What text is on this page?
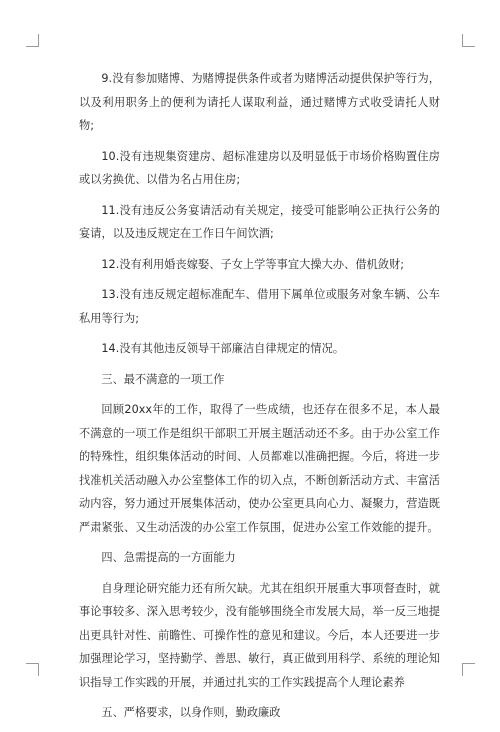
9.没有参加赌博、为赌博提供条件或者为赌博活动提供保护等行为，以及利用职务上的便利为请托人谋取利益，通过赌博方式收受请托人财物;

10.没有违规集资建房、超标准建房以及明显低于市场价格购置住房或以劣换优、以借为名占用住房;

11.没有违反公务宴请活动有关规定，接受可能影响公正执行公务的宴请，以及违反规定在工作日午间饮酒;

12.没有利用婚丧嫁娶、子女上学等事宜大操大办、借机敛财;

13.没有违反规定超标准配车、借用下属单位或服务对象车辆、公车私用等行为;

14.没有其他违反领导干部廉洁自律规定的情况。

三、最不满意的一项工作

回顾20xx年的工作，取得了一些成绩，也还存在很多不足，本人最不满意的一项工作是组织干部职工开展主题活动还不多。由于办公室工作的特殊性，组织集体活动的时间、人员都难以准确把握。今后，将进一步找准机关活动融入办公室整体工作的切入点，不断创新活动方式、丰富活动内容，努力通过开展集体活动，使办公室更具向心力、凝聚力，营造既严肃紧张、又生动活泼的办公室工作氛围，促进办公室工作效能的提升。

四、急需提高的一方面能力

自身理论研究能力还有所欠缺。尤其在组织开展重大事项督查时，就事论事较多、深入思考较少，没有能够围绕全市发展大局，举一反三地提出更具针对性、前瞻性、可操作性的意见和建议。今后，本人还要进一步加强理论学习，坚持勤学、善思、敏行，真正做到用科学、系统的理论知识指导工作实践的开展，并通过扎实的工作实践提高个人理论素养

五、严格要求，以身作则，勤政廉政
